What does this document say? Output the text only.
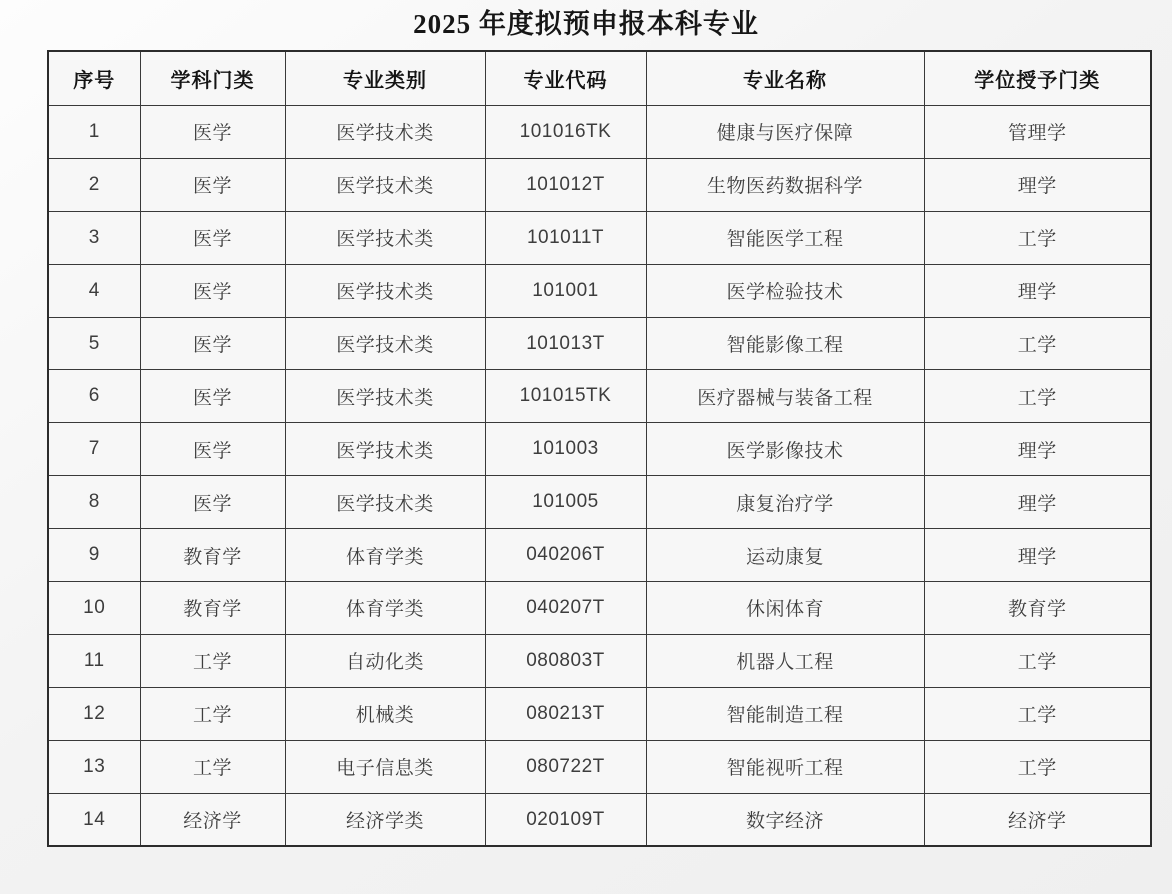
2025 年度拟预申报本科专业
序号	学科门类	专业类别	专业代码	专业名称	学位授予门类
1	医学	医学技术类	101016TK	健康与医疗保障	管理学
2	医学	医学技术类	101012T	生物医药数据科学	理学
3	医学	医学技术类	101011T	智能医学工程	工学
4	医学	医学技术类	101001	医学检验技术	理学
5	医学	医学技术类	101013T	智能影像工程	工学
6	医学	医学技术类	101015TK	医疗器械与装备工程	工学
7	医学	医学技术类	101003	医学影像技术	理学
8	医学	医学技术类	101005	康复治疗学	理学
9	教育学	体育学类	040206T	运动康复	理学
10	教育学	体育学类	040207T	休闲体育	教育学
11	工学	自动化类	080803T	机器人工程	工学
12	工学	机械类	080213T	智能制造工程	工学
13	工学	电子信息类	080722T	智能视听工程	工学
14	经济学	经济学类	020109T	数字经济	经济学
